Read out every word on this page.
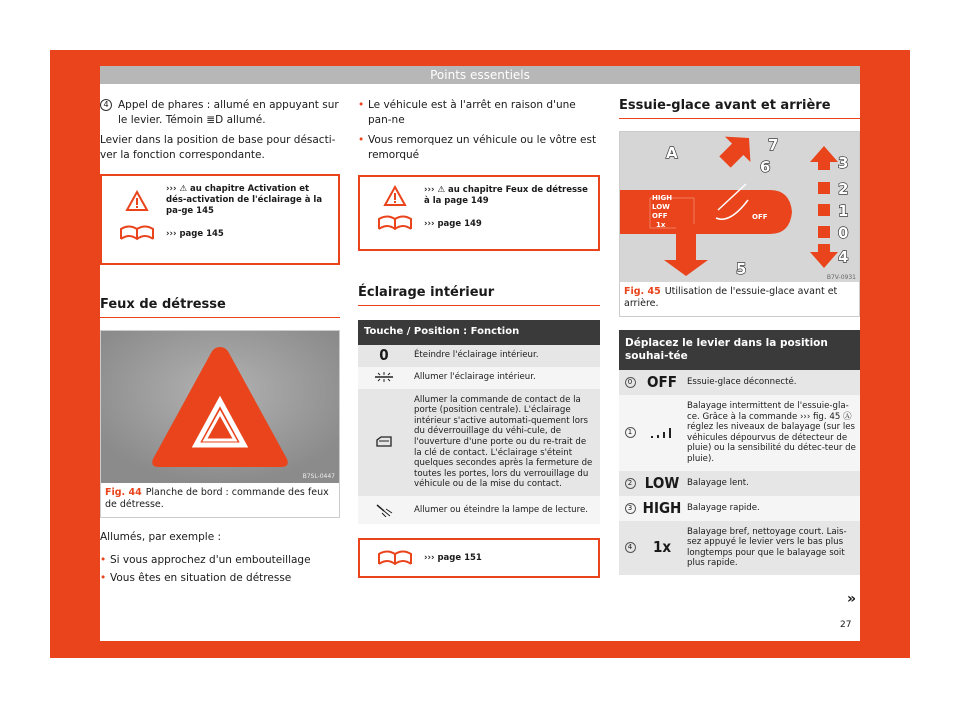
Points essentiels

4 Appel de phares : allumé en appuyant sur le levier. Témoin ≣D allumé.

Levier dans la position de base pour désacti-ver la fonction correspondante.

››› ⚠ au chapitre Activation et dés-activation de l'éclairage à la pa-ge 145
››› page 145
Feux de détresse
B7SL-0447
Fig. 44 Planche de bord : commande des feux de détresse.

Allumés, par exemple :

• Si vous approchez d'un embouteillage
• Vous êtes en situation de détresse
• Le véhicule est à l'arrêt en raison d'une pan-ne
• Vous remorquez un véhicule ou le vôtre est remorqué
››› ⚠ au chapitre Feux de détresse à la page 149
››› page 149
Éclairage intérieur
Touche / Position : Fonction	
0	Éteindre l'éclairage intérieur.
	Allumer l'éclairage intérieur.
	Allumer la commande de contact de la porte (position centrale). L'éclairage intérieur s'active automati-quement lors du déverrouillage du véhi-cule, de l'ouverture d'une porte ou du re-trait de la clé de contact. L'éclairage s'éteint quelques secondes après la fermeture de toutes les portes, lors du verrouillage du véhicule ou de la mise du contact.
	Allumer ou éteindre la lampe de lecture.
››› page 151
Essuie-glace avant et arrière
HIGH
LOW
OFF
1x
OFF
A	7
6
5
3
2
1
0
4
B7V-0931
Fig. 45 Utilisation de l'essuie-glace avant et arrière.
Déplacez le levier dans la position souhai-tée		
0	OFF	Essuie-glace déconnecté.
1		Balayage intermittent de l'essuie-gla-ce. Grâce à la commande ››› fig. 45 Ⓐ réglez les niveaux de balayage (sur les véhicules dépourvus de détecteur de pluie) ou la sensibilité du détec-teur de pluie).
2	LOW	Balayage lent.
3	HIGH	Balayage rapide.
4	1x	Balayage bref, nettoyage court. Lais-sez appuyé le levier vers le bas plus longtemps pour que le balayage soit plus rapide.
»
27
